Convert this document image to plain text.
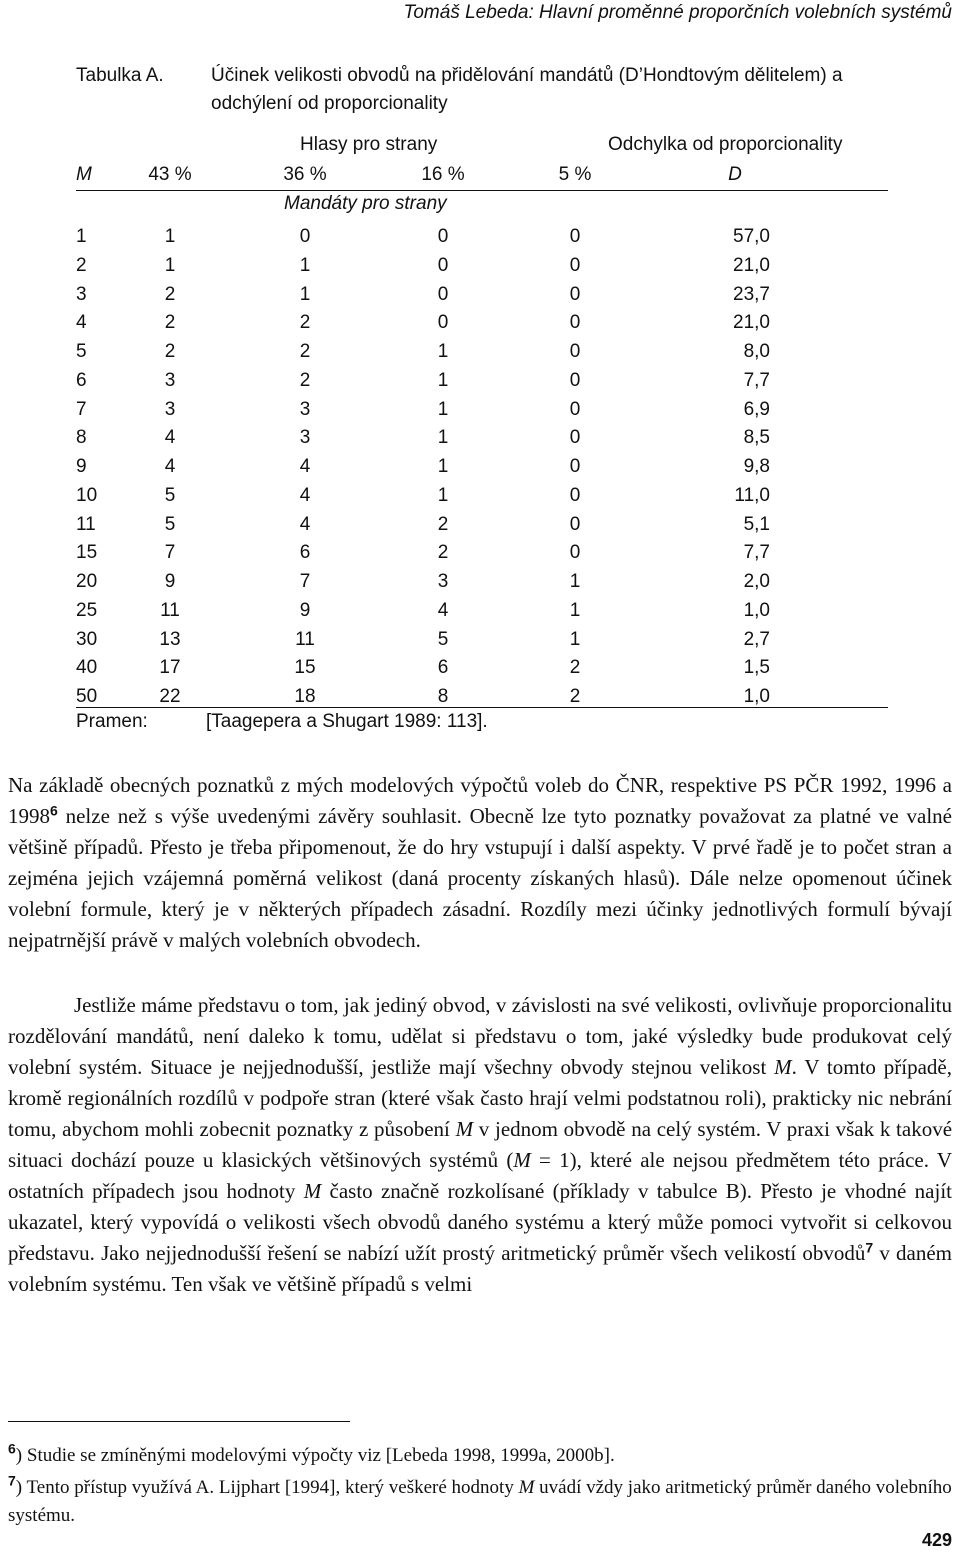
Tomáš Lebeda: Hlavní proměnné proporčních volebních systémů
Tabulka A. Účinek velikosti obvodů na přidělování mandátů (D’Hondtovým dělitelem) a odchýlení od proporcionality
Hlasy pro strany	Odchylka od proporcionality
M	43 %	36 %	16 %	5 %	D
Mandáty pro strany
1	1	0	0	0	57,0
2	1	1	0	0	21,0
3	2	1	0	0	23,7
4	2	2	0	0	21,0
5	2	2	1	0	8,0
6	3	2	1	0	7,7
7	3	3	1	0	6,9
8	4	3	1	0	8,5
9	4	4	1	0	9,8
10	5	4	1	0	11,0
11	5	4	2	0	5,1
15	7	6	2	0	7,7
20	9	7	3	1	2,0
25	11	9	4	1	1,0
30	13	11	5	1	2,7
40	17	15	6	2	1,5
50	22	18	8	2	1,0
Pramen:	[Taagepera a Shugart 1989: 113].
Na základě obecných poznatků z mých modelových výpočtů voleb do ČNR, respektive PS PČR 1992, 1996 a 1998$^6$ nelze než s výše uvedenými závěry souhlasit. Obecně lze tyto poznatky považovat za platné ve valné většině případů. Přesto je třeba připomenout, že do hry vstupují i další aspekty. V prvé řadě je to počet stran a zejména jejich vzájemná poměrná velikost (daná procenty získaných hlasů). Dále nelze opomenout účinek volební formule, který je v některých případech zásadní. Rozdíly mezi účinky jednotlivých formulí bývají nejpatrnější právě v malých volebních obvodech.
Jestliže máme představu o tom, jak jediný obvod, v závislosti na své velikosti, ovlivňuje proporcionalitu rozdělování mandátů, není daleko k tomu, udělat si představu o tom, jaké výsledky bude produkovat celý volební systém. Situace je nejjednodušší, jestliže mají všechny obvody stejnou velikost M. V tomto případě, kromě regionálních rozdílů v podpoře stran (které však často hrají velmi podstatnou roli), prakticky nic nebrání tomu, abychom mohli zobecnit poznatky z působení M v jednom obvodě na celý systém. V praxi však k takové situaci dochází pouze u klasických většinových systémů (M = 1), které ale nejsou předmětem této práce. V ostatních případech jsou hodnoty M často značně rozkolísané (příklady v tabulce B). Přesto je vhodné najít ukazatel, který vypovídá o velikosti všech obvodů daného systému a který může pomoci vytvořit si celkovou představu. Jako nejjednodušší řešení se nabízí užít prostý aritmetický průměr všech velikostí obvodů$^7$ v daném volebním systému. Ten však ve většině případů s velmi
$^6$) Studie se zmíněnými modelovými výpočty viz [Lebeda 1998, 1999a, 2000b].
$^7$) Tento přístup využívá A. Lijphart [1994], který veškeré hodnoty M uvádí vždy jako aritmetický průměr daného volebního systému.
429
